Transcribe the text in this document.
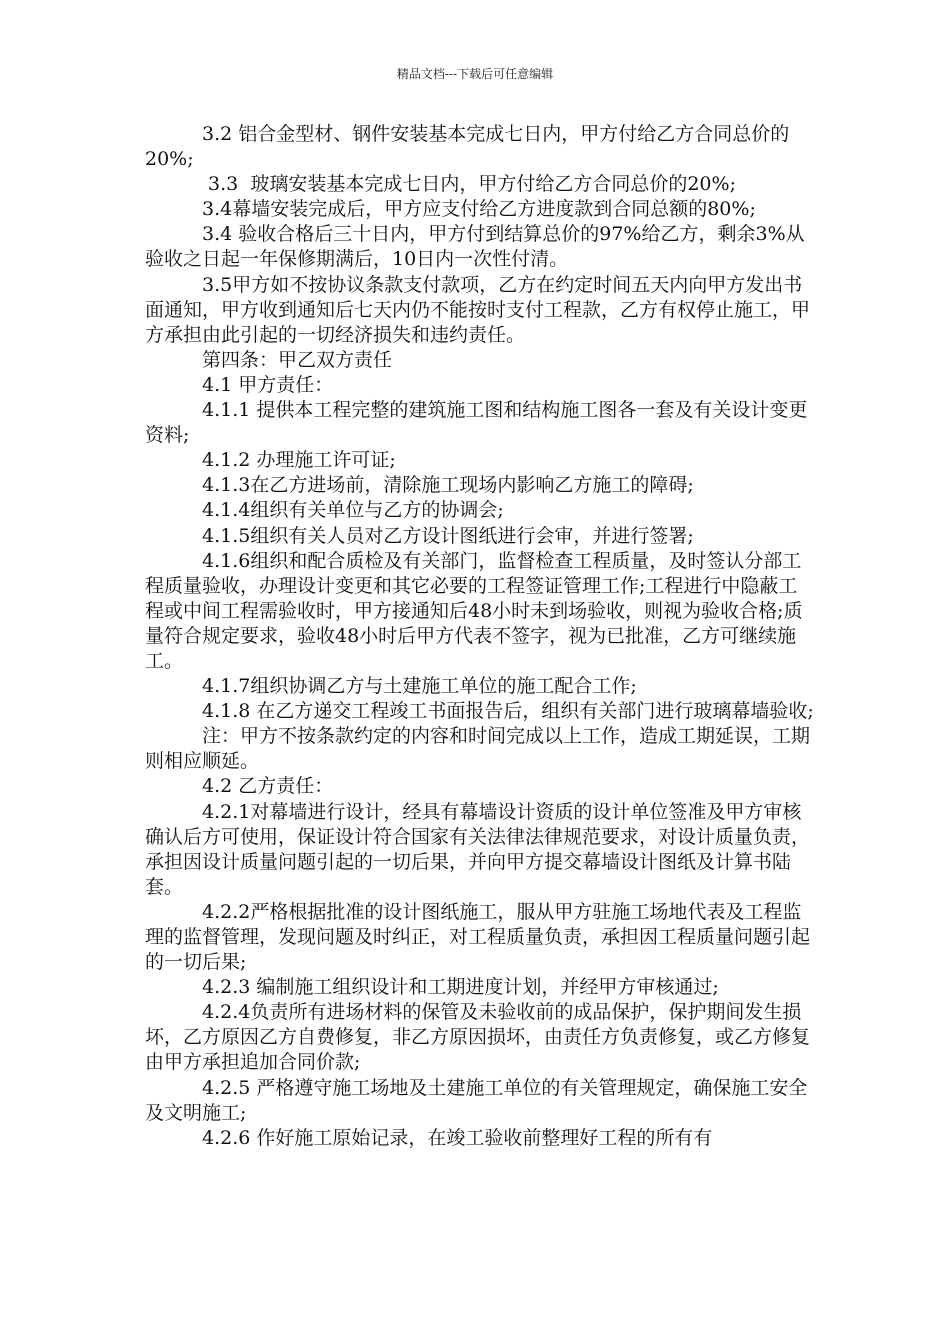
精品文档---下载后可任意编辑

3.2 铝合金型材、钢件安装基本完成七日内，甲方付给乙方合同总价的20%;

3.3  玻璃安装基本完成七日内，甲方付给乙方合同总价的20%;

3.4幕墙安装完成后，甲方应支付给乙方进度款到合同总额的80%;

3.4 验收合格后三十日内，甲方付到结算总价的97%给乙方，剩余3%从验收之日起一年保修期满后，10日内一次性付清。

3.5甲方如不按协议条款支付款项，乙方在约定时间五天内向甲方发出书面通知，甲方收到通知后七天内仍不能按时支付工程款，乙方有权停止施工，甲方承担由此引起的一切经济损失和违约责任。

第四条：甲乙双方责任

4.1 甲方责任：

4.1.1 提供本工程完整的建筑施工图和结构施工图各一套及有关设计变更资料;

4.1.2 办理施工许可证;

4.1.3在乙方进场前，清除施工现场内影响乙方施工的障碍;

4.1.4组织有关单位与乙方的协调会;

4.1.5组织有关人员对乙方设计图纸进行会审，并进行签署;

4.1.6组织和配合质检及有关部门，监督检查工程质量，及时签认分部工程质量验收，办理设计变更和其它必要的工程签证管理工作;工程进行中隐蔽工程或中间工程需验收时，甲方接通知后48小时未到场验收，则视为验收合格;质量符合规定要求，验收48小时后甲方代表不签字，视为已批准，乙方可继续施工。

4.1.7组织协调乙方与土建施工单位的施工配合工作;

4.1.8 在乙方递交工程竣工书面报告后，组织有关部门进行玻璃幕墙验收;

注：甲方不按条款约定的内容和时间完成以上工作，造成工期延误，工期则相应顺延。

4.2 乙方责任：

4.2.1对幕墙进行设计，经具有幕墙设计资质的设计单位签准及甲方审核确认后方可使用，保证设计符合国家有关法律法律规范要求，对设计质量负责，承担因设计质量问题引起的一切后果，并向甲方提交幕墙设计图纸及计算书陆套。

4.2.2严格根据批准的设计图纸施工，服从甲方驻施工场地代表及工程监理的监督管理，发现问题及时纠正，对工程质量负责，承担因工程质量问题引起的一切后果;

4.2.3 编制施工组织设计和工期进度计划，并经甲方审核通过;

4.2.4负责所有进场材料的保管及未验收前的成品保护，保护期间发生损坏，乙方原因乙方自费修复，非乙方原因损坏，由责任方负责修复，或乙方修复由甲方承担追加合同价款;

4.2.5 严格遵守施工场地及土建施工单位的有关管理规定，确保施工安全及文明施工;

4.2.6 作好施工原始记录，在竣工验收前整理好工程的所有有
